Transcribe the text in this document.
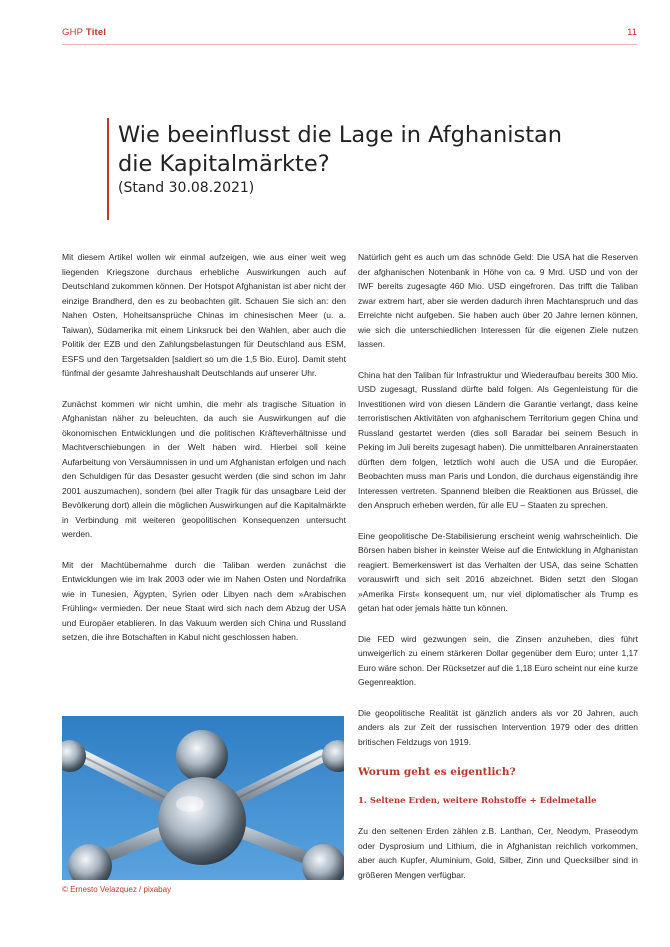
GHP Titel	11
Wie beeinflusst die Lage in Afghanistan
die Kapitalmärkte?
(Stand 30.08.2021)

Mit diesem Artikel wollen wir einmal aufzeigen, wie aus einer weit weg liegenden Kriegszone durchaus erhebliche Auswirkungen auch auf Deutschland zukommen können. Der Hotspot Afghanistan ist aber nicht der einzige Brandherd, den es zu beobachten gilt. Schauen Sie sich an: den Nahen Osten, Hoheitsansprüche Chinas im chinesischen Meer (u. a. Taiwan), Südamerika mit einem Linksruck bei den Wahlen, aber auch die Politik der EZB und den Zahlungsbelastungen für Deutschland aus ESM, ESFS und den Targetsalden [saldiert so um die 1,5 Bio. Euro]. Damit steht fünfmal der gesamte Jahreshaushalt Deutschlands auf unserer Uhr.

Zunächst kommen wir nicht umhin, die mehr als tragische Situation in Afghanistan näher zu beleuchten, da auch sie Auswirkungen auf die ökonomischen Entwicklungen und die politischen Kräfteverhältnisse und Machtverschiebungen in der Welt haben wird. Hierbei soll keine Aufarbeitung von Versäumnissen in und um Afghanistan erfolgen und nach den Schuldigen für das Desaster gesucht werden (die sind schon im Jahr 2001 auszumachen), sondern (bei aller Tragik für das unsagbare Leid der Bevölkerung dort) allein die möglichen Auswirkungen auf die Kapitalmärkte in Verbindung mit weiteren geopolitischen Konsequenzen untersucht werden.

Mit der Machtübernahme durch die Taliban werden zunächst die Entwicklungen wie im Irak 2003 oder wie im Nahen Osten und Nordafrika wie in Tunesien, Ägypten, Syrien oder Libyen nach dem »Arabischen Frühling« vermieden. Der neue Staat wird sich nach dem Abzug der USA und Europäer etablieren. In das Vakuum werden sich China und Russland setzen, die ihre Botschaften in Kabul nicht geschlossen haben.

© Ernesto Velazquez / pixabay

Natürlich geht es auch um das schnöde Geld: Die USA hat die Reserven der afghanischen Notenbank in Höhe von ca. 9 Mrd. USD und von der IWF bereits zugesagte 460 Mio. USD eingefroren. Das trifft die Taliban zwar extrem hart, aber sie werden dadurch ihren Machtanspruch und das Erreichte nicht aufgeben. Sie haben auch über 20 Jahre lernen können, wie sich die unterschiedlichen Interessen für die eigenen Ziele nutzen lassen.

China hat den Taliban für Infrastruktur und Wiederaufbau bereits 300 Mio. USD zugesagt, Russland dürfte bald folgen. Als Gegenleistung für die Investitionen wird von diesen Ländern die Garantie verlangt, dass keine terroristischen Aktivitäten von afghanischem Territorium gegen China und Russland gestartet werden (dies soll Baradar bei seinem Besuch in Peking im Juli bereits zugesagt haben). Die unmittelbaren Anrainerstaaten dürften dem folgen, letztlich wohl auch die USA und die Europäer. Beobachten muss man Paris und London, die durchaus eigenständig ihre Interessen vertreten. Spannend bleiben die Reaktionen aus Brüssel, die den Anspruch erheben werden, für alle EU – Staaten zu sprechen.

Eine geopolitische De-Stabilisierung erscheint wenig wahrscheinlich. Die Börsen haben bisher in keinster Weise auf die Entwicklung in Afghanistan reagiert. Bemerkenswert ist das Verhalten der USA, das seine Schatten vorauswirft und sich seit 2016 abzeichnet. Biden setzt den Slogan »Amerika First« konsequent um, nur viel diplomatischer als Trump es getan hat oder jemals hätte tun können.

Die FED wird gezwungen sein, die Zinsen anzuheben, dies führt unweigerlich zu einem stärkeren Dollar gegenüber dem Euro; unter 1,17 Euro wäre schon. Der Rücksetzer auf die 1,18 Euro scheint nur eine kurze Gegenreaktion.

Die geopolitische Realität ist gänzlich anders als vor 20 Jahren, auch anders als zur Zeit der russischen Intervention 1979 oder des dritten britischen Feldzugs von 1919.

Worum geht es eigentlich?

1. Seltene Erden, weitere Rohstoffe + Edelmetalle

Zu den seltenen Erden zählen z.B. Lanthan, Cer, Neodym, Praseodym oder Dysprosium und Lithium, die in Afghanistan reichlich vorkommen, aber auch Kupfer, Aluminium, Gold, Silber, Zinn und Quecksilber sind in größeren Mengen verfügbar.
